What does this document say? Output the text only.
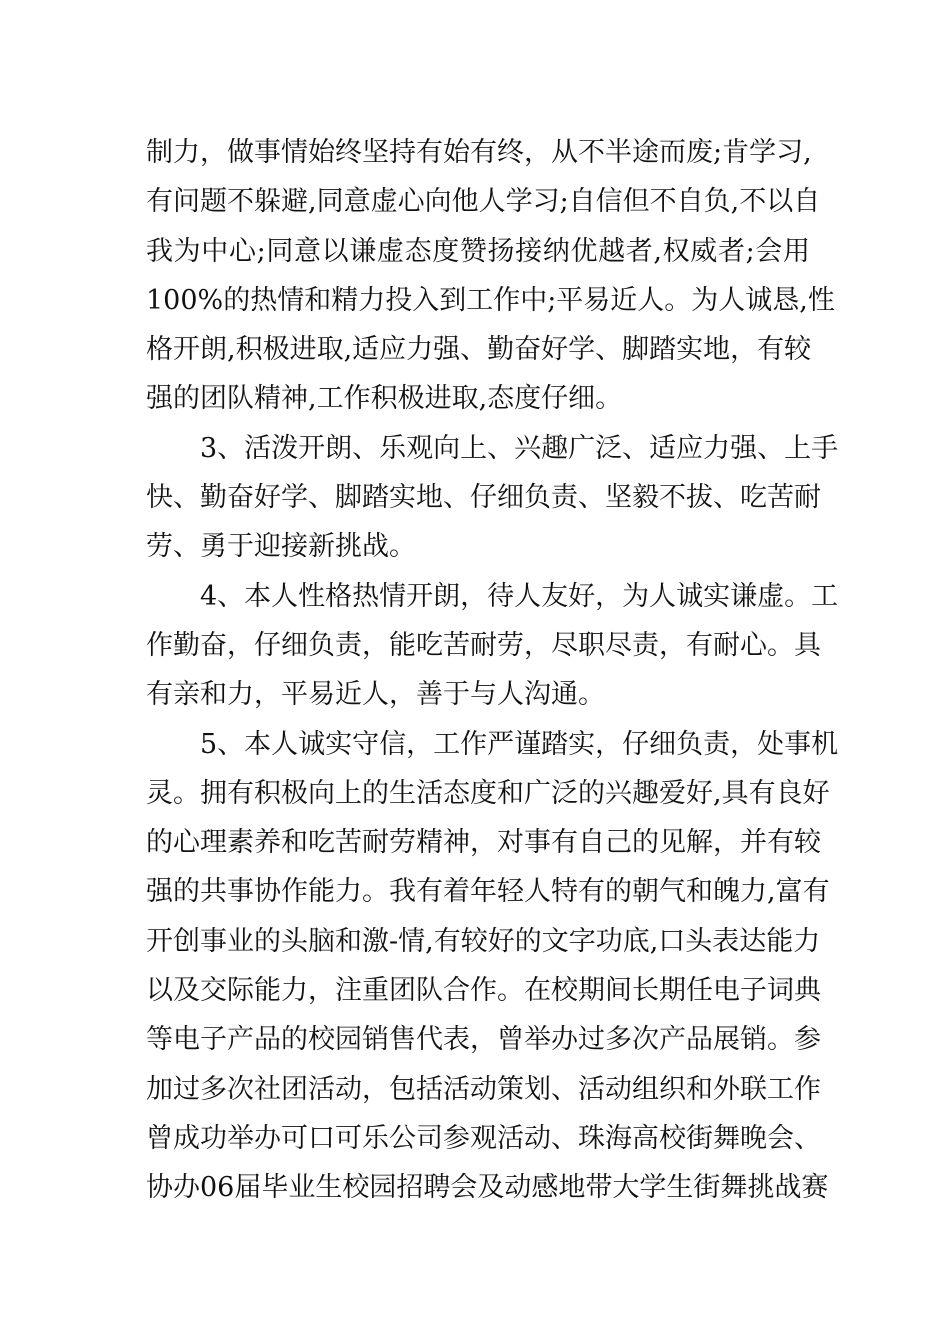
制力，做事情始终坚持有始有终，从不半途而废;肯学习,
有问题不躲避,同意虚心向他人学习;自信但不自负,不以自
我为中心;同意以谦虚态度赞扬接纳优越者,权威者;会用
100%的热情和精力投入到工作中;平易近人。为人诚恳,性
格开朗,积极进取,适应力强、勤奋好学、脚踏实地，有较
强的团队精神,工作积极进取,态度仔细。
3、活泼开朗、乐观向上、兴趣广泛、适应力强、上手
快、勤奋好学、脚踏实地、仔细负责、坚毅不拔、吃苦耐
劳、勇于迎接新挑战。
4、本人性格热情开朗，待人友好，为人诚实谦虚。工
作勤奋，仔细负责，能吃苦耐劳，尽职尽责，有耐心。具
有亲和力，平易近人，善于与人沟通。
5、本人诚实守信，工作严谨踏实，仔细负责，处事机
灵。拥有积极向上的生活态度和广泛的兴趣爱好,具有良好
的心理素养和吃苦耐劳精神，对事有自己的见解，并有较
强的共事协作能力。我有着年轻人特有的朝气和魄力,富有
开创事业的头脑和激-情,有较好的文字功底,口头表达能力
以及交际能力，注重团队合作。在校期间长期任电子词典
等电子产品的校园销售代表，曾举办过多次产品展销。参
加过多次社团活动，包括活动策划、活动组织和外联工作
曾成功举办可口可乐公司参观活动、珠海高校街舞晚会、
协办06届毕业生校园招聘会及动感地带大学生街舞挑战赛
